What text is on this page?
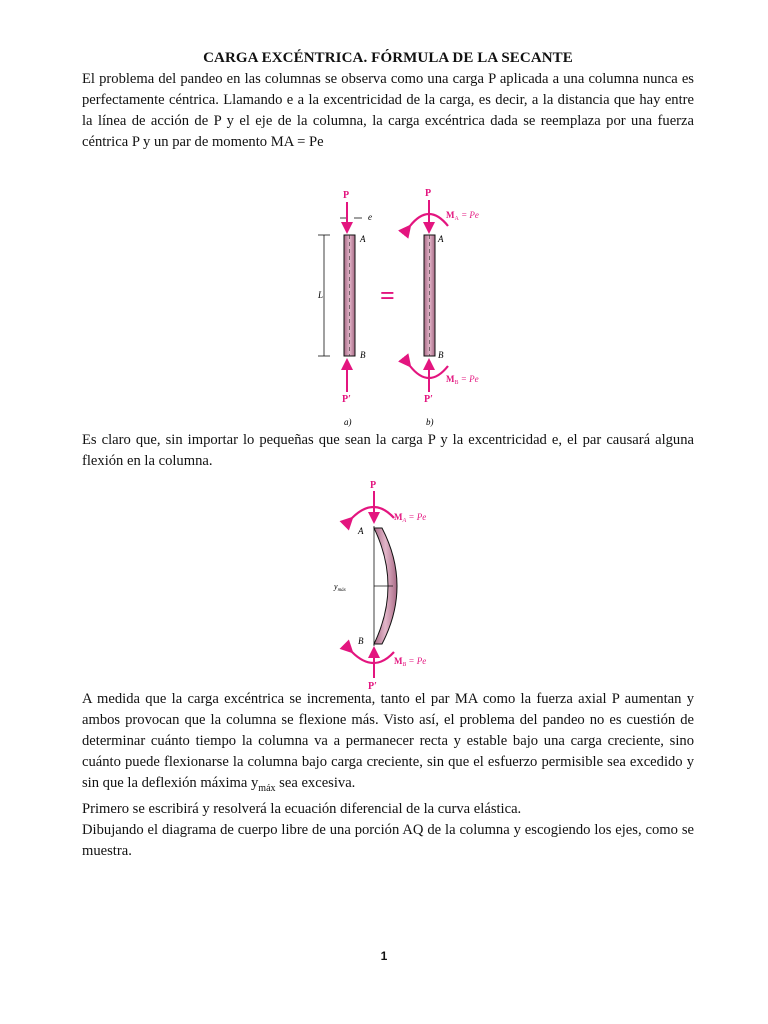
CARGA EXCÉNTRICA. FÓRMULA DE LA SECANTE

El problema del pandeo en las columnas se observa como una carga P aplicada a una columna nunca es perfectamente céntrica. Llamando e a la excentricidad de la carga, es decir, a la distancia que hay entre la línea de acción de P y el eje de la columna, la carga excéntrica dada se reemplaza por una fuerza céntrica P y un par de momento MA = Pe

P
e
A
B
L
P′
a)
=
P
$M_A = Pe$
A
B
$M_B = Pe$
P′
b)

Es claro que, sin importar lo pequeñas que sean la carga P y la excentricidad e, el par causará alguna flexión en la columna.

P
$M_A = Pe$
A
B
$y_{máx}$
$M_B = Pe$
P′

A medida que la carga excéntrica se incrementa, tanto el par MA como la fuerza axial P aumentan y ambos provocan que la columna se flexione más. Visto así, el problema del pandeo no es cuestión de determinar cuánto tiempo la columna va a permanecer recta y estable bajo una carga creciente, sino cuánto puede flexionarse la columna bajo carga creciente, sin que el esfuerzo permisible sea excedido y sin que la deflexión máxima $y_{máx}$ sea excesiva.

Primero se escribirá y resolverá la ecuación diferencial de la curva elástica.

Dibujando el diagrama de cuerpo libre de una porción AQ de la columna y escogiendo los ejes, como se muestra.

1
